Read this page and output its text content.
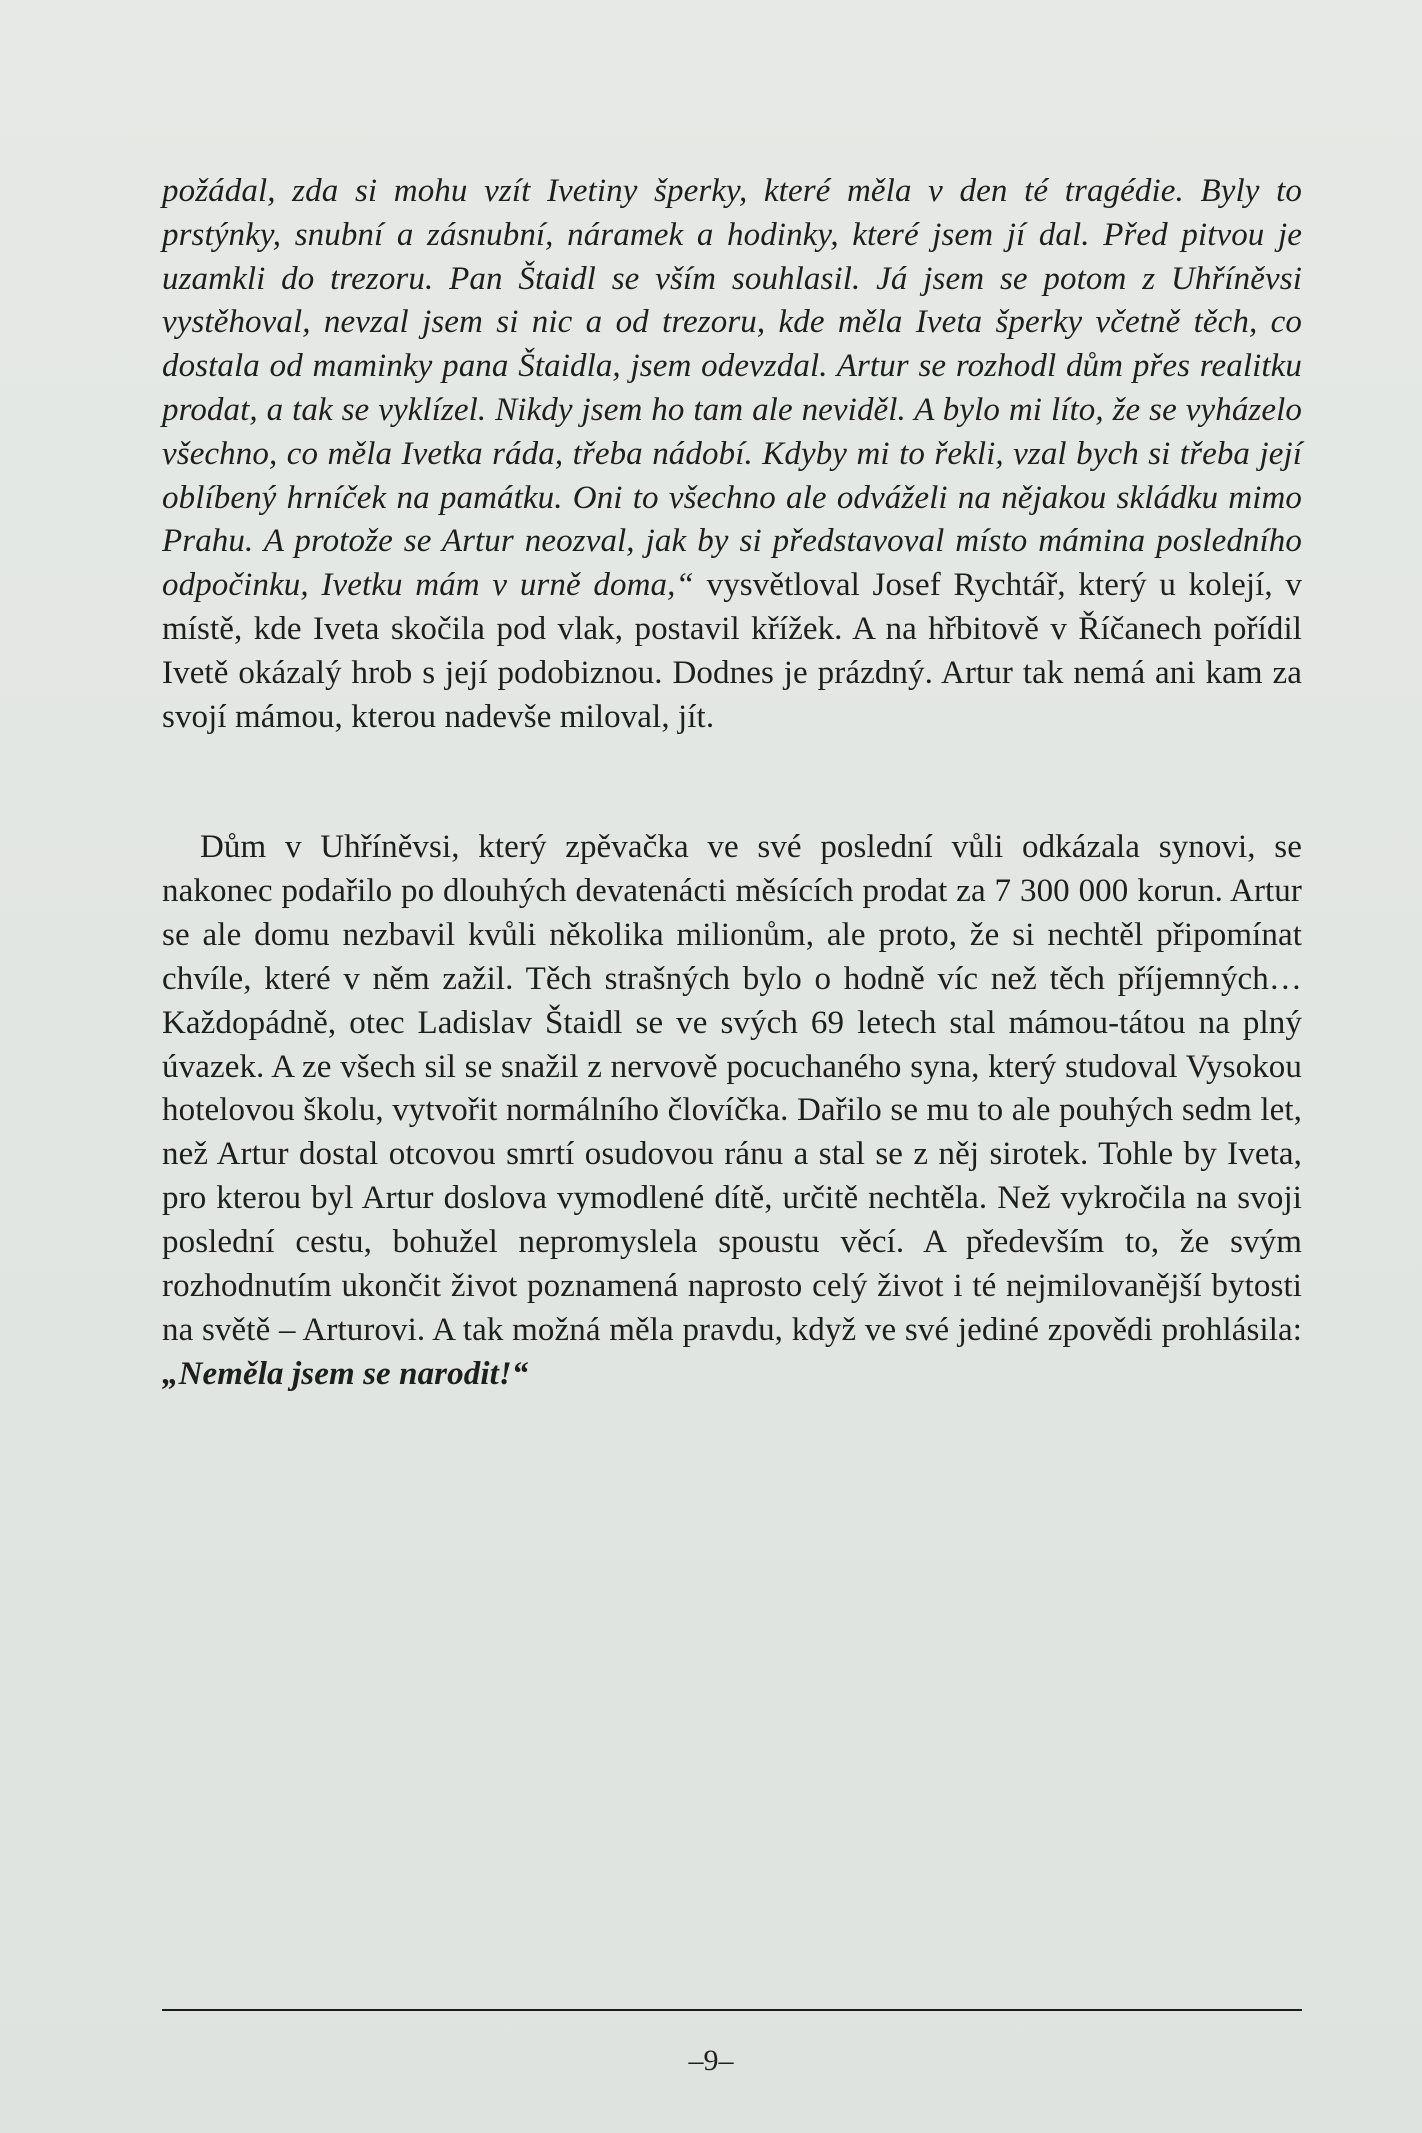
požádal, zda si mohu vzít Ivetiny šperky, které měla v den té tragédie. Byly to prstýnky, snubní a zásnubní, náramek a hodinky, které jsem jí dal. Před pitvou je uzamkli do trezoru. Pan Štaidl se vším souhlasil. Já jsem se potom z Uhříněvsi vystěhoval, nevzal jsem si nic a od trezoru, kde měla Iveta šperky včetně těch, co dostala od maminky pana Štaidla, jsem odevzdal. Artur se rozhodl dům přes realitku prodat, a tak se vyklízel. Nikdy jsem ho tam ale neviděl. A bylo mi líto, že se vyházelo všechno, co měla Ivetka ráda, třeba nádobí. Kdyby mi to řekli, vzal bych si třeba její oblíbený hrníček na památku. Oni to všechno ale odváželi na nějakou skládku mimo Prahu. A protože se Artur neozval, jak by si představoval místo mámina posledního odpočinku, Ivetku mám v urně doma,“ vysvětloval Josef Rychtář, který u kolejí, v místě, kde Iveta skočila pod vlak, postavil křížek. A na hřbitově v Říčanech pořídil Ivetě okázalý hrob s její podobiznou. Dodnes je prázdný. Artur tak nemá ani kam za svojí mámou, kterou nadevše miloval, jít.
Dům v Uhříněvsi, který zpěvačka ve své poslední vůli odkázala synovi, se nakonec podařilo po dlouhých devatenácti měsících prodat za 7 300 000 korun. Artur se ale domu nezbavil kvůli několika milionům, ale proto, že si nechtěl připomínat chvíle, které v něm zažil. Těch strašných bylo o hodně víc než těch příjemných… Každopádně, otec Ladislav Štaidl se ve svých 69 letech stal mámou-tátou na plný úvazek. A ze všech sil se snažil z nervově pocuchaného syna, který studoval Vysokou hotelovou školu, vytvořit normálního človíčka. Dařilo se mu to ale pouhých sedm let, než Artur dostal otcovou smrtí osudovou ránu a stal se z něj sirotek. Tohle by Iveta, pro kterou byl Artur doslova vymodlené dítě, určitě nechtěla. Než vykročila na svoji poslední cestu, bohužel nepromyslela spoustu věcí. A především to, že svým rozhodnutím ukončit život poznamená naprosto celý život i té nejmilovanější bytosti na světě – Arturovi. A tak možná měla pravdu, když ve své jediné zpovědi prohlásila: „Neměla jsem se narodit!“
–9–
